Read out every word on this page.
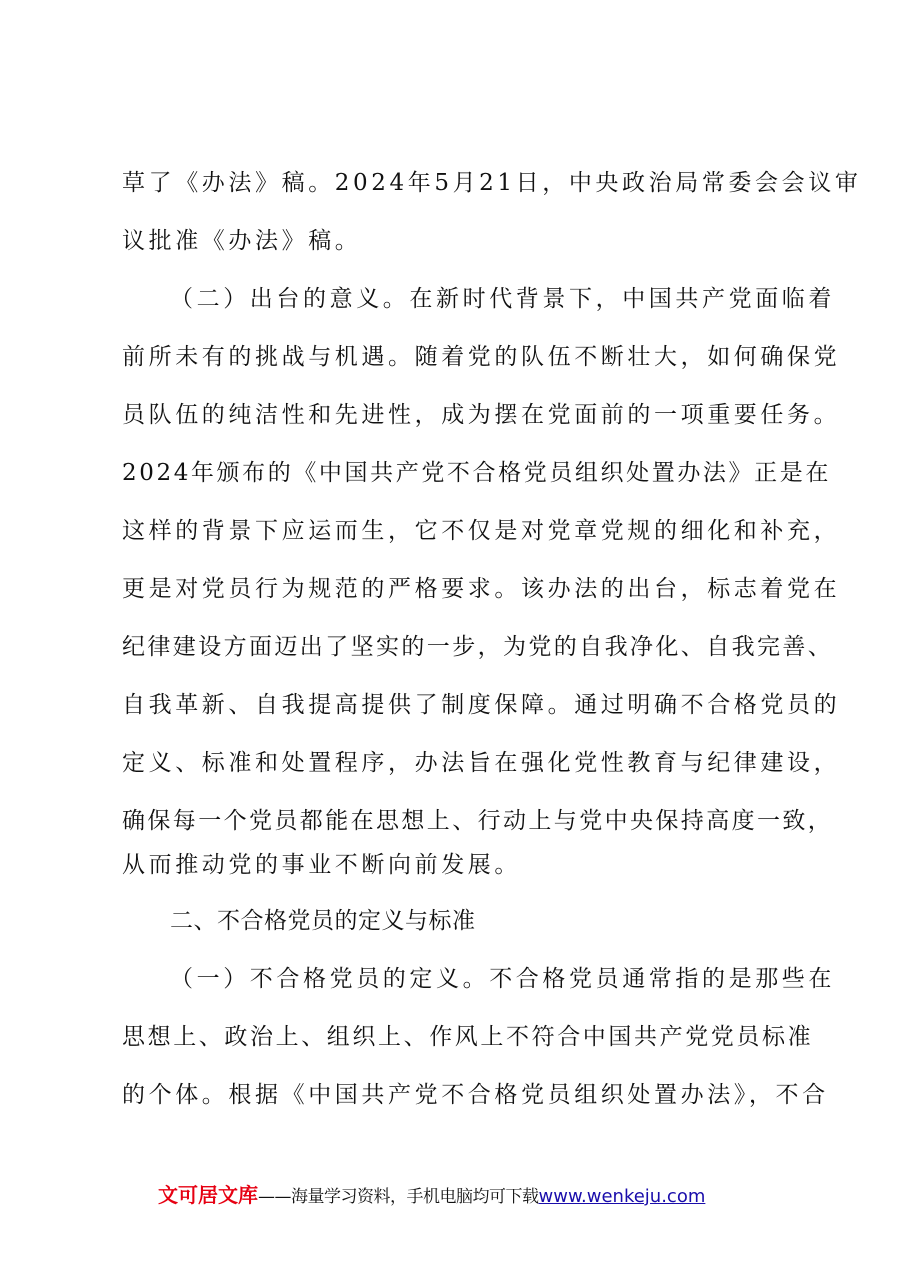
草了《办法》稿。2024年5月21日，中央政治局常委会会议审
议批准《办法》稿。
（二）出台的意义。在新时代背景下，中国共产党面临着
前所未有的挑战与机遇。随着党的队伍不断壮大，如何确保党
员队伍的纯洁性和先进性，成为摆在党面前的一项重要任务。
2024年颁布的《中国共产党不合格党员组织处置办法》正是在
这样的背景下应运而生，它不仅是对党章党规的细化和补充，
更是对党员行为规范的严格要求。该办法的出台，标志着党在
纪律建设方面迈出了坚实的一步，为党的自我净化、自我完善、
自我革新、自我提高提供了制度保障。通过明确不合格党员的
定义、标准和处置程序，办法旨在强化党性教育与纪律建设，
确保每一个党员都能在思想上、行动上与党中央保持高度一致，
从而推动党的事业不断向前发展。
二、不合格党员的定义与标准
（一）不合格党员的定义。不合格党员通常指的是那些在
思想上、政治上、组织上、作风上不符合中国共产党党员标准
的个体。根据《中国共产党不合格党员组织处置办法》，不合
文可居文库——海量学习资料，手机电脑均可下载www.wenkeju.com
